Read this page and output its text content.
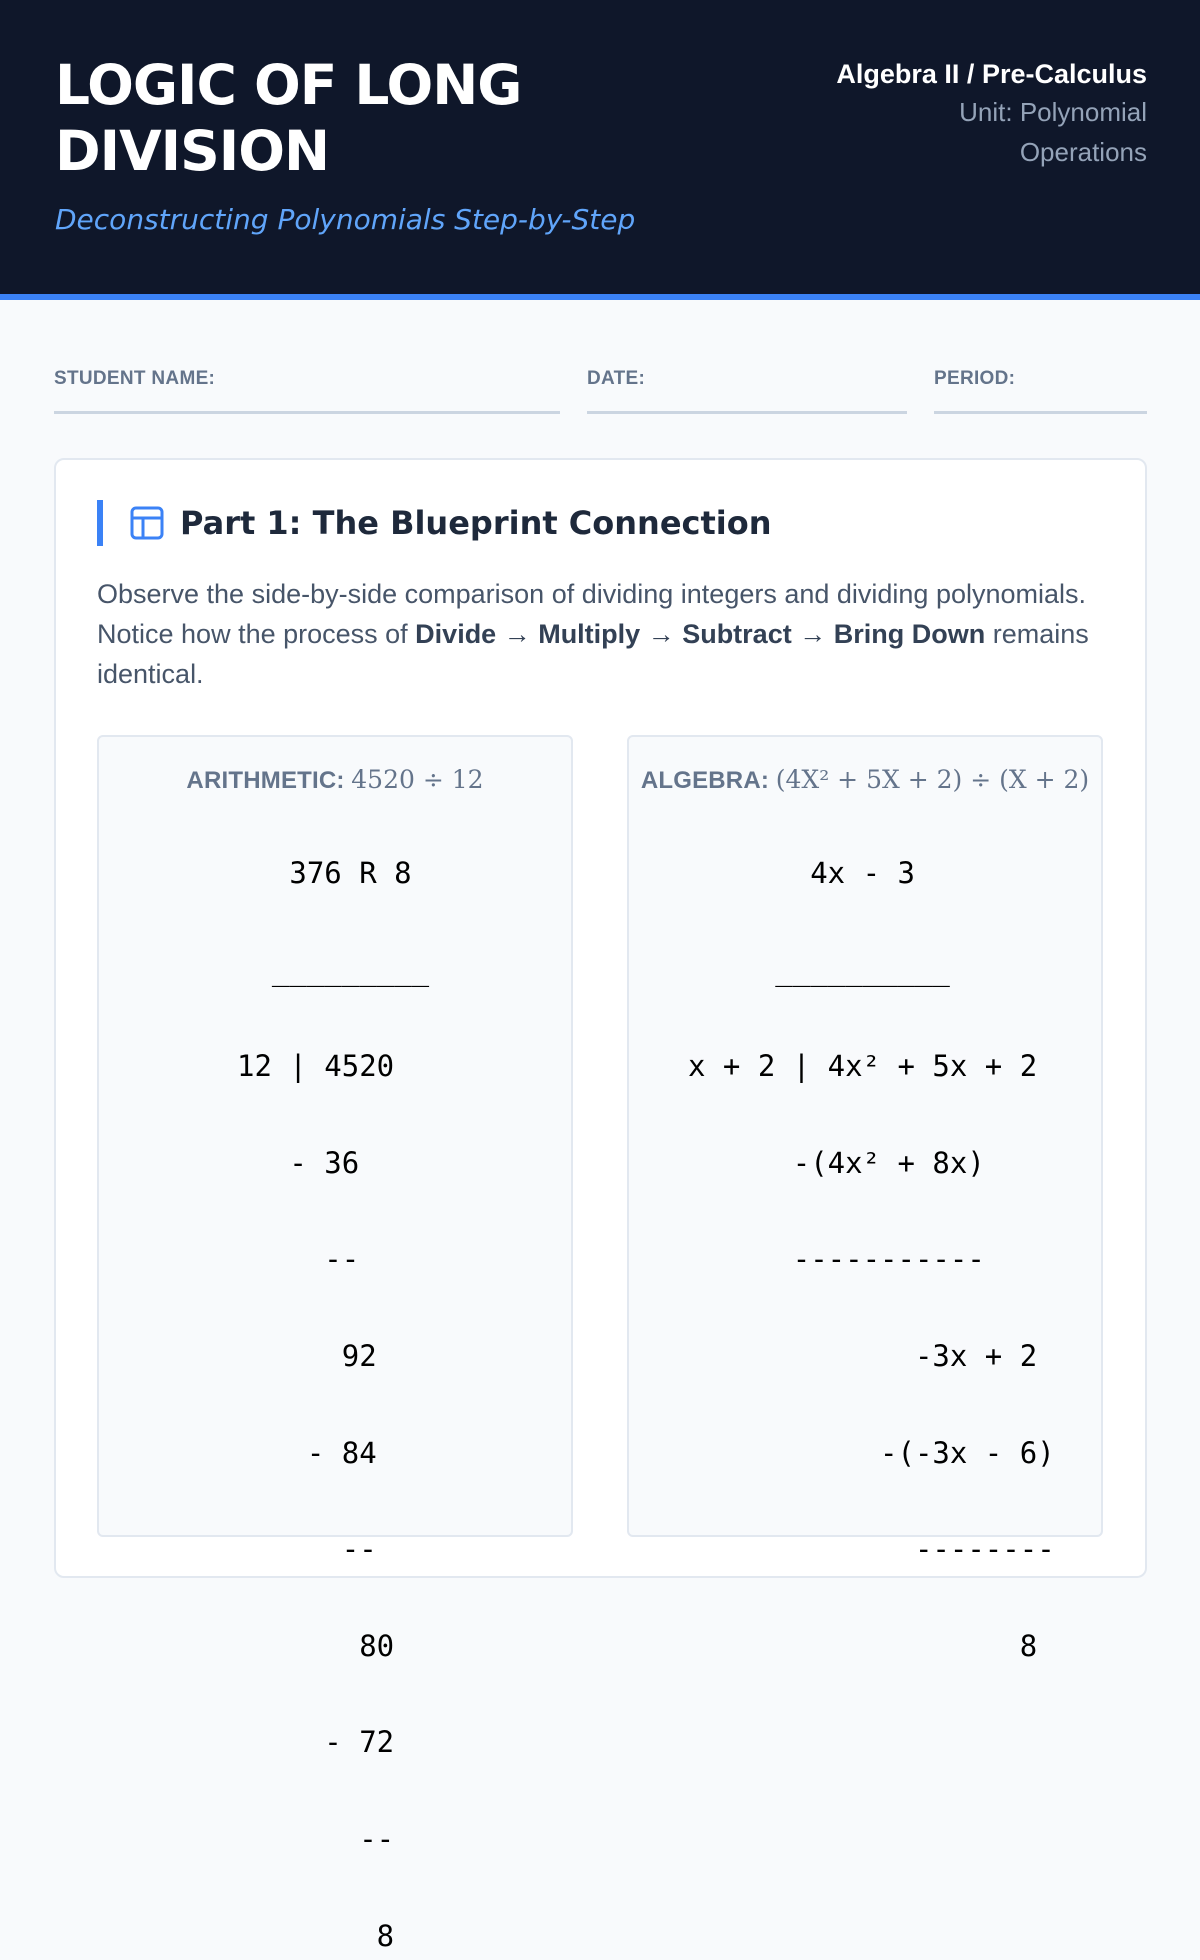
LOGIC OF LONG DIVISION

Deconstructing Polynomials Step-by-Step

Algebra II / Pre-Calculus
Unit: Polynomial Operations
STUDENT NAME:	DATE:	PERIOD:
Part 1: The Blueprint Connection

Observe the side-by-side comparison of dividing integers and dividing polynomials. Notice how the process of Divide → Multiply → Subtract → Bring Down remains identical.

ARITHMETIC: 4520 ÷ 12
376 R 8

_________

12 | 4520

- 36

--

92

- 84

--

80

- 72

--

8
ALGEBRA: (4X² + 5X + 2) ÷ (X + 2)
4x - 3

__________

x + 2 | 4x² + 5x + 2

-(4x² + 8x)

-----------

-3x + 2

-(-3x - 6)

--------

8
